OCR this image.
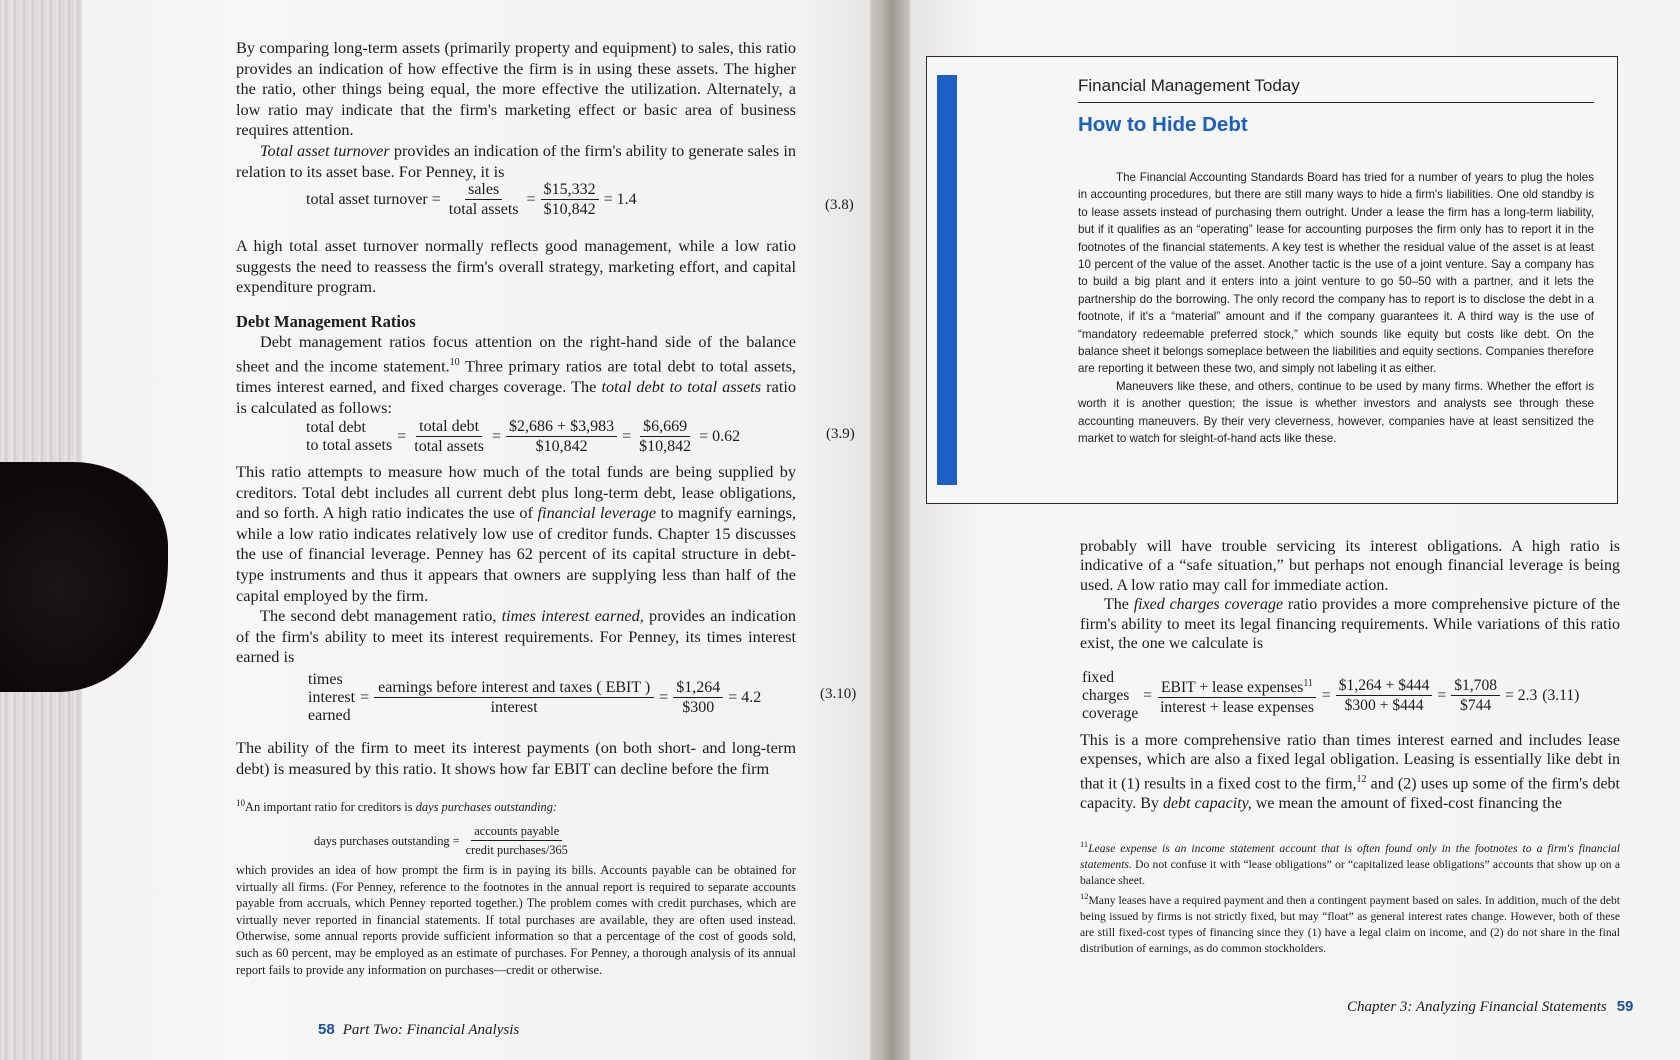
By comparing long-term assets (primarily property and equipment) to sales, this ratio provides an indication of how effective the firm is in using these assets. The higher the ratio, other things being equal, the more effective the utilization. Alternately, a low ratio may indicate that the firm's marketing effect or basic area of business requires attention.

Total asset turnover provides an indication of the firm's ability to generate sales in relation to its asset base. For Penney, it is

total asset turnover = $\frac{\text{sales}}{\text{total assets}} = \frac{\$15,332}{\$10,842} = 1.4$	(3.8)

A high total asset turnover normally reflects good management, while a low ratio suggests the need to reassess the firm's overall strategy, marketing effort, and capital expenditure program.

Debt Management Ratios

Debt management ratios focus attention on the right-hand side of the balance sheet and the income statement.$^{10}$ Three primary ratios are total debt to total assets, times interest earned, and fixed charges coverage. The total debt to total assets ratio is calculated as follows:

total debt
to total assets
= $\frac{\text{total debt}}{\text{total assets}} = \frac{\$2,686 + \$3,983}{\$10,842} = \frac{\$6,669}{\$10,842} = 0.62$	(3.9)

This ratio attempts to measure how much of the total funds are being supplied by creditors. Total debt includes all current debt plus long-term debt, lease obligations, and so forth. A high ratio indicates the use of financial leverage to magnify earnings, while a low ratio indicates relatively low use of creditor funds. Chapter 15 discusses the use of financial leverage. Penney has 62 percent of its capital structure in debt-type instruments and thus it appears that owners are supplying less than half of the capital employed by the firm.

The second debt management ratio, times interest earned, provides an indication of the firm's ability to meet its interest requirements. For Penney, its times interest earned is

times
interest
earned
= $\frac{\text{earnings before interest and taxes ( EBIT )}}{\text{interest}} = \frac{\$1,264}{\$300} = 4.2$	(3.10)

The ability of the firm to meet its interest payments (on both short- and long-term debt) is measured by this ratio. It shows how far EBIT can decline before the firm

$^{10}$An important ratio for creditors is days purchases outstanding:

days purchases outstanding = $\frac{\text{accounts payable}}{\text{credit purchases/365}}$

which provides an idea of how prompt the firm is in paying its bills. Accounts payable can be obtained for virtually all firms. (For Penney, reference to the footnotes in the annual report is required to separate accounts payable from accruals, which Penney reported together.) The problem comes with credit purchases, which are virtually never reported in financial statements. If total purchases are available, they are often used instead. Otherwise, some annual reports provide sufficient information so that a percentage of the cost of goods sold, such as 60 percent, may be employed as an estimate of purchases. For Penney, a thorough analysis of its annual report fails to provide any information on purchases—credit or otherwise.

58 Part Two: Financial Analysis
Financial Management Today
How to Hide Debt

The Financial Accounting Standards Board has tried for a number of years to plug the holes in accounting procedures, but there are still many ways to hide a firm's liabilities. One old standby is to lease assets instead of purchasing them outright. Under a lease the firm has a long-term liability, but if it qualifies as an “operating” lease for accounting purposes the firm only has to report it in the footnotes of the financial statements. A key test is whether the residual value of the asset is at least 10 percent of the value of the asset. Another tactic is the use of a joint venture. Say a company has to build a big plant and it enters into a joint venture to go 50–50 with a partner, and it lets the partnership do the borrowing. The only record the company has to report is to disclose the debt in a footnote, if it's a “material” amount and if the company guarantees it. A third way is the use of “mandatory redeemable preferred stock,” which sounds like equity but costs like debt. On the balance sheet it belongs someplace between the liabilities and equity sections. Companies therefore are reporting it between these two, and simply not labeling it as either.

Maneuvers like these, and others, continue to be used by many firms. Whether the effort is worth it is another question; the issue is whether investors and analysts see through these accounting maneuvers. By their very cleverness, however, companies have at least sensitized the market to watch for sleight-of-hand acts like these.

probably will have trouble servicing its interest obligations. A high ratio is indicative of a “safe situation,” but perhaps not enough financial leverage is being used. A low ratio may call for immediate action.

The fixed charges coverage ratio provides a more comprehensive picture of the firm's ability to meet its legal financing requirements. While variations of this ratio exist, the one we calculate is

fixed
charges
coverage
= $\frac{EBIT + lease expenses^{11}}{\text{interest + lease expenses}} = \frac{\$1,264 + \$444}{\$300 + \$444} = \frac{\$1,708}{\$744} = 2.3$ (3.11)

This is a more comprehensive ratio than times interest earned and includes lease expenses, which are also a fixed legal obligation. Leasing is essentially like debt in that it (1) results in a fixed cost to the firm,$^{12}$ and (2) uses up some of the firm's debt capacity. By debt capacity, we mean the amount of fixed-cost financing the

$^{11}$Lease expense is an income statement account that is often found only in the footnotes to a firm's financial statements. Do not confuse it with “lease obligations” or “capitalized lease obligations” accounts that show up on a balance sheet.

$^{12}$Many leases have a required payment and then a contingent payment based on sales. In addition, much of the debt being issued by firms is not strictly fixed, but may “float” as general interest rates change. However, both of these are still fixed-cost types of financing since they (1) have a legal claim on income, and (2) do not share in the final distribution of earnings, as do common stockholders.

Chapter 3: Analyzing Financial Statements 59
